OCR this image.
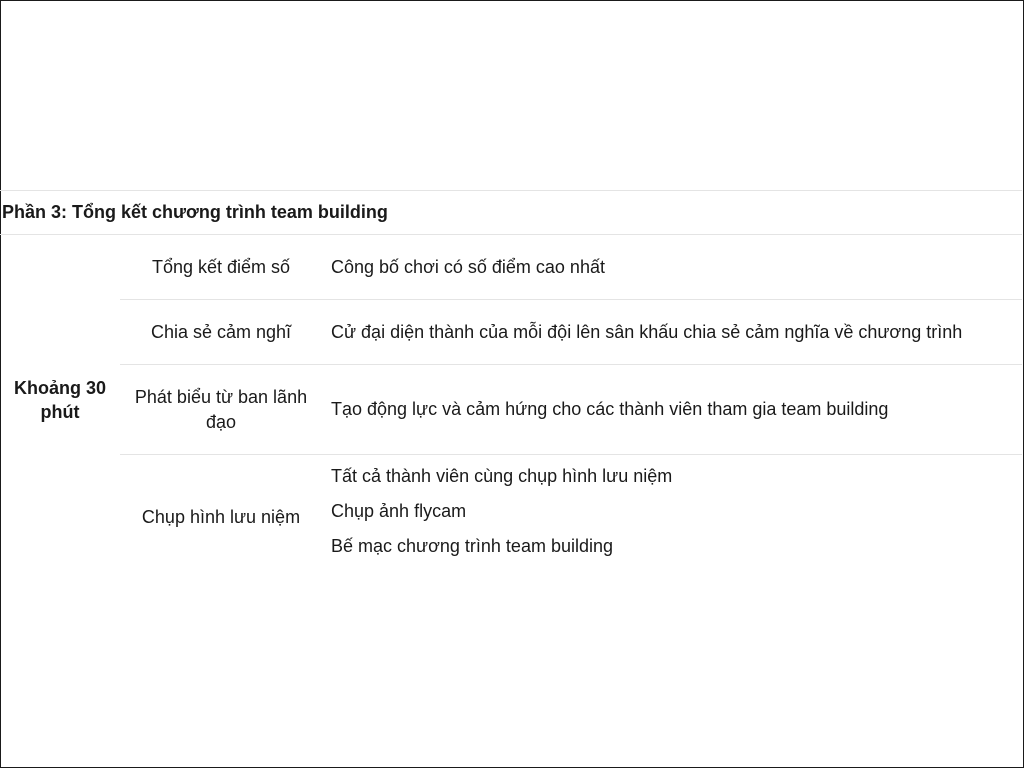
Phần 3: Tổng kết chương trình team building
Khoảng 30
phút
Tổng kết điểm số	Công bố chơi có số điểm cao nhất
Chia sẻ cảm nghĩ	Cử đại diện thành của mỗi đội lên sân khấu chia sẻ cảm nghĩa về chương trình
Phát biểu từ ban lãnh
đạo
Tạo động lực và cảm hứng cho các thành viên tham gia team building
Chụp hình lưu niệm
Tất cả thành viên cùng chụp hình lưu niệm
Chụp ảnh flycam
Bế mạc chương trình team building
